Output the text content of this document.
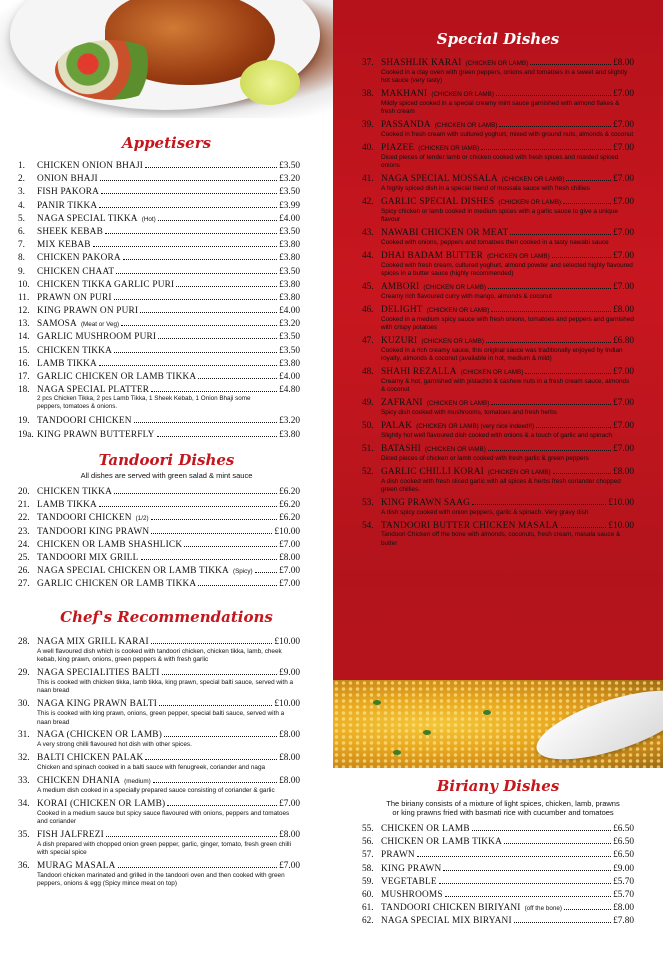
Appetisers
1.	CHICKEN ONION BHAJI	£3.50
2.	ONION BHAJI	£3.20
3.	FISH PAKORA	£3.50
4.	PANIR TIKKA	£3.99
5.	NAGA SPECIAL TIKKA (Hot)	£4.00
6.	SHEEK KEBAB	£3.50
7.	MIX KEBAB	£3.80
8.	CHICKEN PAKORA	£3.80
9.	CHICKEN CHAAT	£3.50
10. CHICKEN TIKKA GARLIC PURI	£3.80
11. PRAWN ON PURI	£3.80
12. KING PRAWN ON PURI	£4.00
13. SAMOSA (Meat or Veg)	£3.20
14. GARLIC MUSHROOM PURI	£3.50
15. CHICKEN TIKKA	£3.50
16. LAMB TIKKA	£3.80
17. GARLIC CHICKEN OR LAMB TIKKA	£4.00
18. NAGA SPECIAL PLATTER	£4.80
19. TANDOORI CHICKEN	£3.20
19a. KING PRAWN BUTTERFLY	£3.80
2 pcs Chicken Tikka, 2 pcs Lamb Tikka, 1 Sheek Kebab, 1 Onion Bhaji some peppers, tomatoes & onions.
Tandoori Dishes
All dishes are served with green salad & mint sauce
20. CHICKEN TIKKA	£6.20
21. LAMB TIKKA	£6.20
22. TANDOORI CHICKEN (1/2)	£6.20
23. TANDOORI KING PRAWN	£10.00
24. CHICKEN OR LAMB SHASHLICK	£7.00
25. TANDOORI MIX GRILL	£8.00
26. NAGA SPECIAL CHICKEN OR LAMB TIKKA (Spicy)	£7.00
27. GARLIC CHICKEN OR LAMB TIKKA	£7.00
Chef's Recommendations
28. NAGA MIX GRILL KARAI	£10.00
A well flavoured dish which is cooked with tandoori chicken, chicken tikka, lamb, cheek kebab, king prawn, onions, green peppers & with fresh garlic
29. NAGA SPECIALITIES BALTI	£9.00
This is cooked with chicken tikka, lamb tikka, king prawn, special balti sauce, served with a naan bread
30. NAGA KING PRAWN BALTI	£10.00
This is cooked with king prawn, onions, green pepper, special balti sauce, served with a naan bread
31. NAGA (CHICKEN OR LAMB)	£8.00
A very strong chilli flavoured hot dish with other spices.
32. BALTI CHICKEN PALAK	£8.00
Chicken and spinach cooked in a balti sauce with fenugreek, coriander and naga
33. CHICKEN DHANIA (medium)	£8.00
A medium dish cooked in a specially prepared sauce consisting of coriander & garlic
34. KORAI (CHICKEN OR LAMB)	£7.00
Cooked in a medium sauce but spicy sauce flavoured with onions, peppers and tomatoes and coriander
35. FISH JALFREZI	£8.00
A dish prepared with chopped onion green pepper, garlic, ginger, tomato, fresh green chilli with special spice
36. MURAG MASALA	£7.00
Tandoori chicken marinated and grilled in the tandoori oven and then cooked with green peppers, onions & egg (Spicy mince meat on top)
Special Dishes
37. SHASHLIK KARAI (CHICKEN OR LAMB)	£8.00
Cooked in a clay oven with green peppers, onions and tomatoes in a sweet and slightly hot sauce (very tasty)
38. MAKHANI (CHICKEN OR LAMB)	£7.00
Mildly spiced cooked in a special creamy mint sauce garnished with almond flakes & fresh cream
39. PASSANDA (CHICKEN OR LAMB)	£7.00
Cooked in fresh cream with cultured yoghurt, mixed with ground nuts, almonds & coconut
40. PIAZEE (CHICKEN OR IAMB)	£7.00
Diced pieces of tender lamb or chicken cooked with fresh spices and roasted spiced onions
41. NAGA SPECIAL MOSSALA (CHICKEN OR LAMB)	£7.00
A highly spiced dish in a special blend of mossala sauce with fresh chillies
42. GARLIC SPECIAL DISHES (CHICKEN OR LAMB)	£7.00
Spicy chicken or lamb cooked in medium spices with a garlic sauce to give a unique flavour
43. NAWABI CHICKEN OR MEAT	£7.00
Cooked with onions, peppers and tomatoes then cooked in a tasty nawabi sauce
44. DHAI BADAM BUTTER (CHICKEN OR LAMB)	£7.00
Cooked with fresh cream, cultured yoghurt, almond powder and selected highly flavoured spices in a butter sauce (highly recommended)
45. AMBORI (CHICKEN OR LAMB)	£7.00
Creamy rich flavoured curry with mango, almonds & coconut
46. DELIGHT (CHICKEN OR LAMB)	£8.00
Cooked in a medium spicy sauce with fresh onions, tomatoes and peppers and garnished with crispy potatoes
47. KUZURI (CHICKEN OR LAMB)	£6.80
Cooked in a rich creamy sauce, this original sauce was traditionally enjoyed by Indian royalty, almonds & coconut (available in hot, medium & mild)
48. SHAHI REZALLA (CHICKEN OR LAMB)	£7.00
Creamy & hot, garnished with pistachio & cashew nuts in a fresh cream sauce, almonds & coconut
49. ZAFRANI (CHICKEN OR LAMB)	£7.00
Spicy dish cooked with mushrooms, tomatoes and fresh herbs
50. PALAK (CHICKEN OR LAMB) (very nice indeed!!)	£7.00
Slightly hot well flavoured dish cooked with onions & a touch of garlic and spinach
51. BATASHI (CHICKEN OR IAMB)	£7.00
Diced pieces of chicken or lamb cooked with fresh garlic & green peppers
52. GARLIC CHILLI KORAI (CHICKEN OR LAMB)	£8.00
A dish cooked with fresh sliced garlic with all spices & herbs fresh coriander chopped green chillies.
53. KING PRAWN SAAG	£10.00
A dish spicy cooked with onion peppers, garlic & spinach. Very gravy dish
54. TANDOORI BUTTER CHICKEN MASALA	£10.00
Tandoori Chicken off the bone with almonds, coconuts, fresh cream, masala sauce & butter
Biriany Dishes
The biriany consists of a mixture of light spices, chicken, lamb, prawns or king prawns fried with basmati rice with cucumber and tomatoes
55. CHICKEN OR LAMB	£6.50
56. CHICKEN OR LAMB TIKKA	£6.50
57. PRAWN	£6.50
58. KING PRAWN	£9.00
59. VEGETABLE	£5.70
60. MUSHROOMS	£5.70
61. TANDOORI CHICKEN BIRIYANI (off the bone)	£8.00
62. NAGA SPECIAL MIX BIRYANI	£7.80
